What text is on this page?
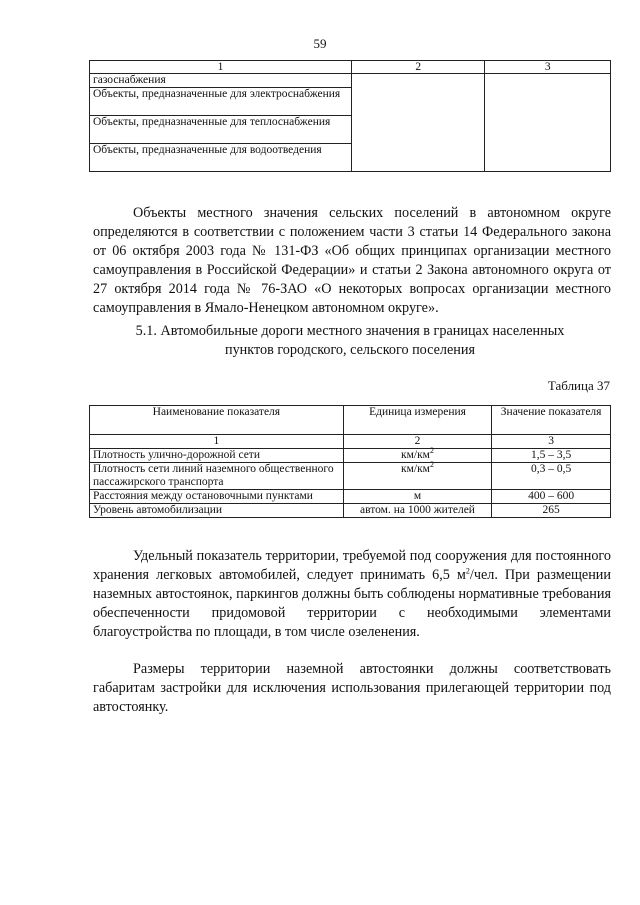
59
1	2	3
газоснабжения		
Объекты, предназначенные для электроснабжения		
Объекты, предназначенные для теплоснабжения		
Объекты, предназначенные для водоотведения		

Объекты местного значения сельских поселений в автономном округе определяются в соответствии с положением части 3 статьи 14 Федерального закона от 06 октября 2003 года № 131-ФЗ «Об общих принципах организации местного самоуправления в Российской Федерации» и статьи 2 Закона автономного округа от 27 октября 2014 года № 76-ЗАО «О некоторых вопросах организации местного самоуправления в Ямало-Ненецком автономном округе».

5.1. Автомобильные дороги местного значения в границах населенных
пунктов городского, сельского поселения
Таблица 37
Наименование показателя	Единица измерения	Значение показателя
1	2	3
Плотность улично-дорожной сети	$км/км^2$	1,5 – 3,5
Плотность сети линий наземного общественного пассажирского транспорта	$км/км^2$	0,3 – 0,5
Расстояния между остановочными пунктами	м	400 – 600
Уровень автомобилизации	автом. на 1000 жителей	265

Удельный показатель территории, требуемой под сооружения для постоянного хранения легковых автомобилей, следует принимать 6,5 $м^2$/чел. При размещении наземных автостоянок, паркингов должны быть соблюдены нормативные требования обеспеченности придомовой территории с необходимыми элементами благоустройства по площади, в том числе озеленения.

Размеры территории наземной автостоянки должны соответствовать габаритам застройки для исключения использования прилегающей территории под автостоянку.
